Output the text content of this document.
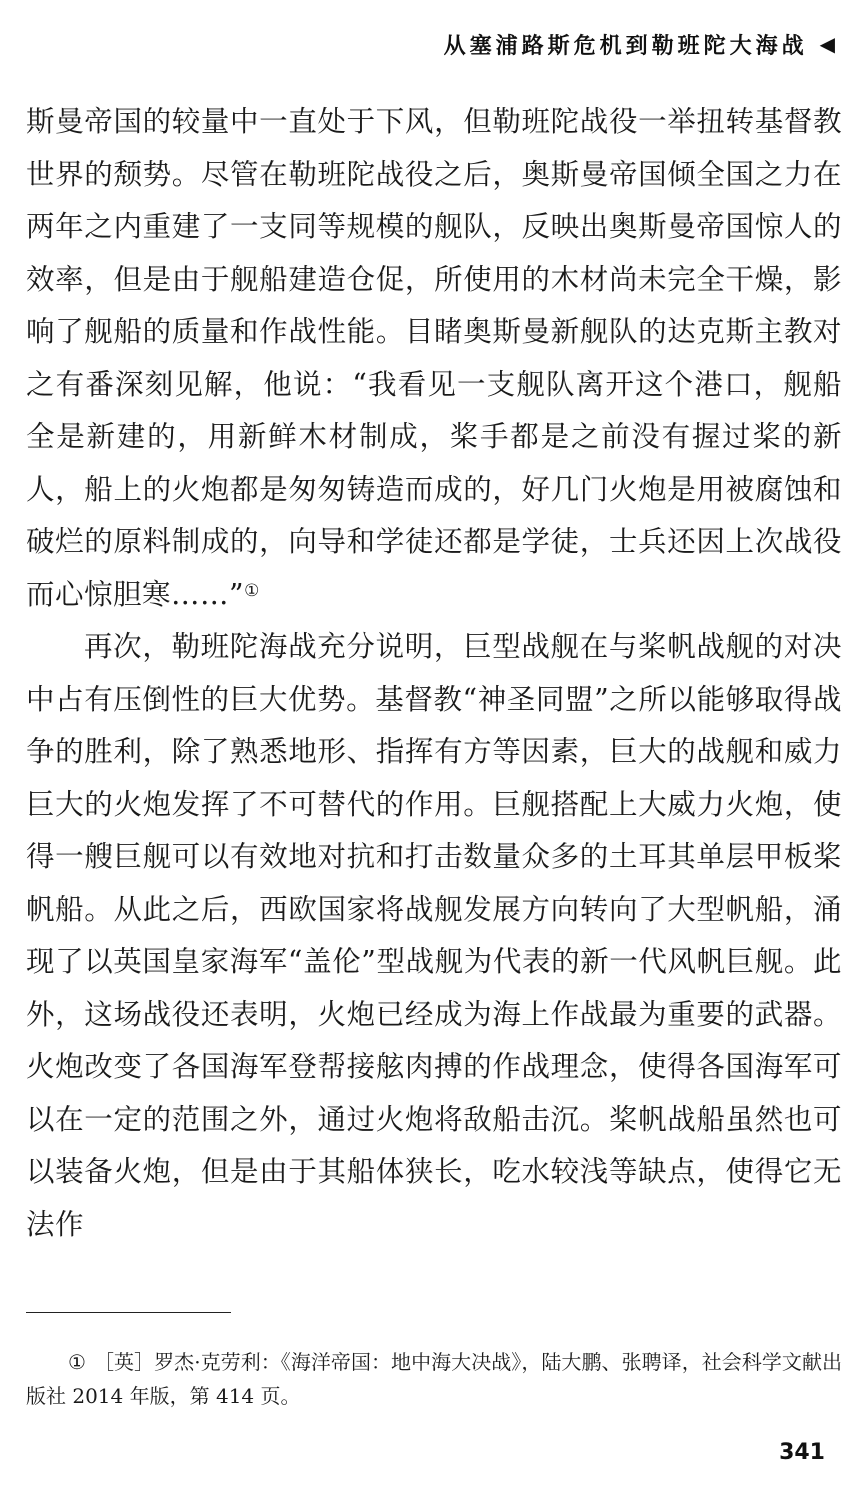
从塞浦路斯危机到勒班陀大海战 ◀

斯曼帝国的较量中一直处于下风，但勒班陀战役一举扭转基督教世界的颓势。尽管在勒班陀战役之后，奥斯曼帝国倾全国之力在两年之内重建了一支同等规模的舰队，反映出奥斯曼帝国惊人的效率，但是由于舰船建造仓促，所使用的木材尚未完全干燥，影响了舰船的质量和作战性能。目睹奥斯曼新舰队的达克斯主教对之有番深刻见解，他说：“我看见一支舰队离开这个港口，舰船全是新建的，用新鲜木材制成，桨手都是之前没有握过桨的新人，船上的火炮都是匆匆铸造而成的，好几门火炮是用被腐蚀和破烂的原料制成的，向导和学徒还都是学徒，士兵还因上次战役而心惊胆寒……”①

再次，勒班陀海战充分说明，巨型战舰在与桨帆战舰的对决中占有压倒性的巨大优势。基督教“神圣同盟”之所以能够取得战争的胜利，除了熟悉地形、指挥有方等因素，巨大的战舰和威力巨大的火炮发挥了不可替代的作用。巨舰搭配上大威力火炮，使得一艘巨舰可以有效地对抗和打击数量众多的土耳其单层甲板桨帆船。从此之后，西欧国家将战舰发展方向转向了大型帆船，涌现了以英国皇家海军“盖伦”型战舰为代表的新一代风帆巨舰。此外，这场战役还表明，火炮已经成为海上作战最为重要的武器。火炮改变了各国海军登帮接舷肉搏的作战理念，使得各国海军可以在一定的范围之外，通过火炮将敌船击沉。桨帆战船虽然也可以装备火炮，但是由于其船体狭长，吃水较浅等缺点，使得它无法作

① ［英］罗杰·克劳利：《海洋帝国：地中海大决战》，陆大鹏、张聘译，社会科学文献出版社 2014 年版，第 414 页。
341
